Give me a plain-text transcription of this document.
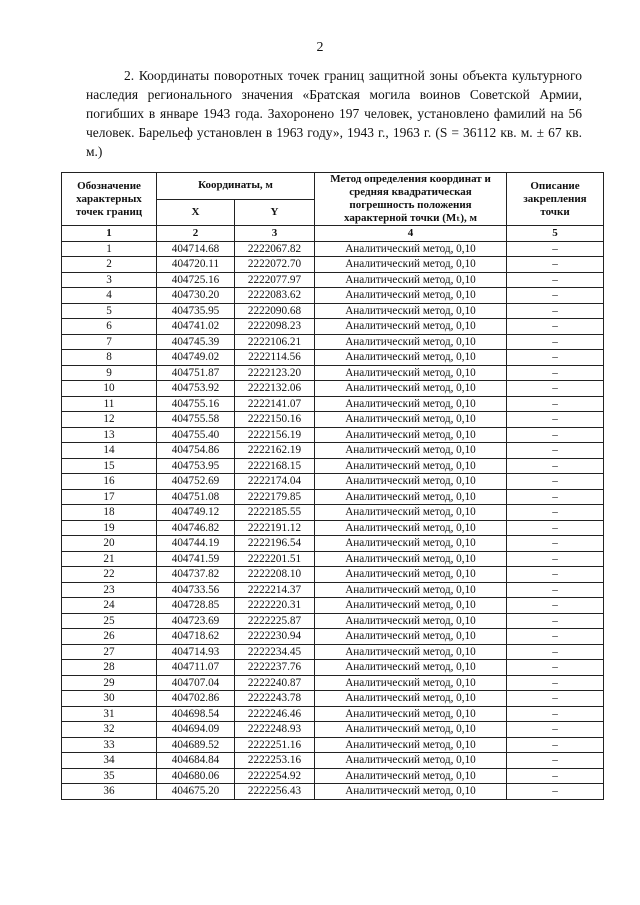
2

2. Координаты поворотных точек границ защитной зоны объекта культурного наследия регионального значения «Братская могила воинов Советской Армии, погибших в январе 1943 года. Захоронено 197 человек, установлено фамилий на 56 человек. Барельеф установлен в 1963 году», 1943 г., 1963 г. (S = 36112 кв. м. ± 67 кв. м.)

Обозначение характерных точек границ	Координаты, м		Метод определения координат и средняя квадратическая погрешность положения характерной точки (Mₜ), м	Описание закрепления точки
	X	Y		
1	2	3	4	5
1	404714.68	2222067.82	Аналитический метод, 0,10	–
2	404720.11	2222072.70	Аналитический метод, 0,10	–
3	404725.16	2222077.97	Аналитический метод, 0,10	–
4	404730.20	2222083.62	Аналитический метод, 0,10	–
5	404735.95	2222090.68	Аналитический метод, 0,10	–
6	404741.02	2222098.23	Аналитический метод, 0,10	–
7	404745.39	2222106.21	Аналитический метод, 0,10	–
8	404749.02	2222114.56	Аналитический метод, 0,10	–
9	404751.87	2222123.20	Аналитический метод, 0,10	–
10	404753.92	2222132.06	Аналитический метод, 0,10	–
11	404755.16	2222141.07	Аналитический метод, 0,10	–
12	404755.58	2222150.16	Аналитический метод, 0,10	–
13	404755.40	2222156.19	Аналитический метод, 0,10	–
14	404754.86	2222162.19	Аналитический метод, 0,10	–
15	404753.95	2222168.15	Аналитический метод, 0,10	–
16	404752.69	2222174.04	Аналитический метод, 0,10	–
17	404751.08	2222179.85	Аналитический метод, 0,10	–
18	404749.12	2222185.55	Аналитический метод, 0,10	–
19	404746.82	2222191.12	Аналитический метод, 0,10	–
20	404744.19	2222196.54	Аналитический метод, 0,10	–
21	404741.59	2222201.51	Аналитический метод, 0,10	–
22	404737.82	2222208.10	Аналитический метод, 0,10	–
23	404733.56	2222214.37	Аналитический метод, 0,10	–
24	404728.85	2222220.31	Аналитический метод, 0,10	–
25	404723.69	2222225.87	Аналитический метод, 0,10	–
26	404718.62	2222230.94	Аналитический метод, 0,10	–
27	404714.93	2222234.45	Аналитический метод, 0,10	–
28	404711.07	2222237.76	Аналитический метод, 0,10	–
29	404707.04	2222240.87	Аналитический метод, 0,10	–
30	404702.86	2222243.78	Аналитический метод, 0,10	–
31	404698.54	2222246.46	Аналитический метод, 0,10	–
32	404694.09	2222248.93	Аналитический метод, 0,10	–
33	404689.52	2222251.16	Аналитический метод, 0,10	–
34	404684.84	2222253.16	Аналитический метод, 0,10	–
35	404680.06	2222254.92	Аналитический метод, 0,10	–
36	404675.20	2222256.43	Аналитический метод, 0,10	–
